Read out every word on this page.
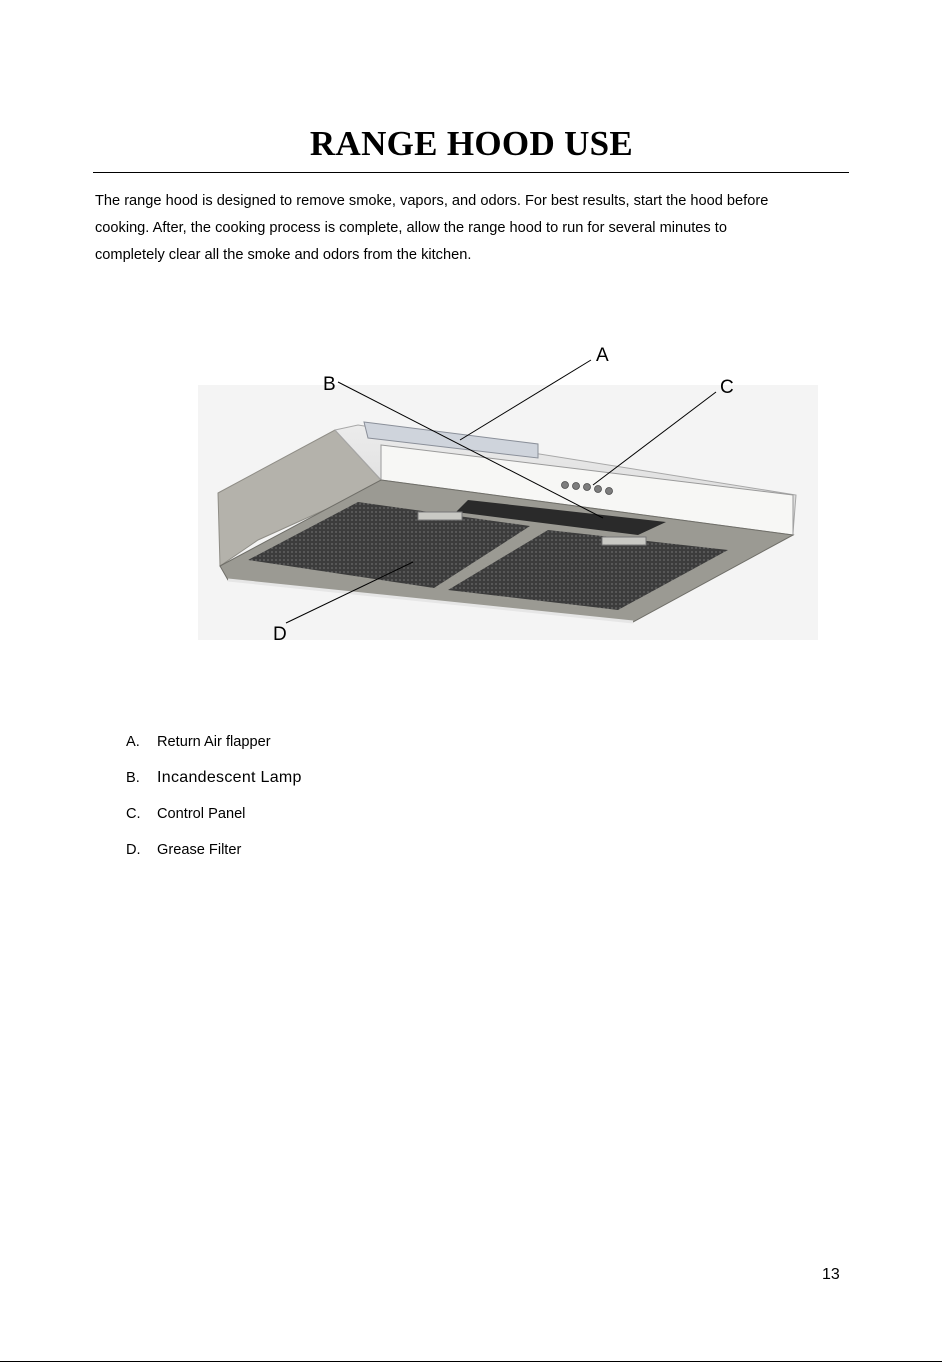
RANGE HOOD USE
The range hood is designed to remove smoke, vapors, and odors. For best results, start the hood before
cooking. After, the cooking process is complete, allow the range hood to run for several minutes to
completely clear all the smoke and odors from the kitchen.
A
B	C
D
A. Return Air flapper
B. Incandescent Lamp
C. Control Panel
D. Grease Filter
13
